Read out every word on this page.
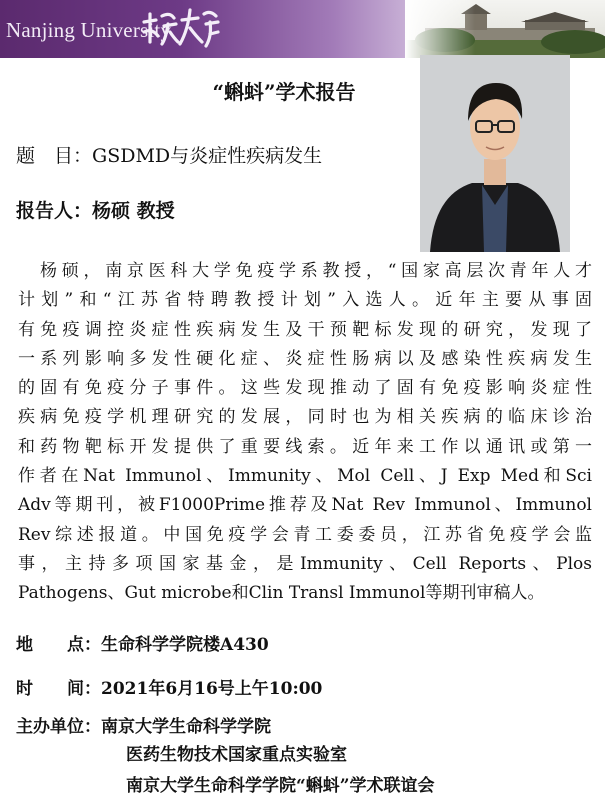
Nanjing University
“蝌蚪”学术报告
题　目：GSDMD与炎症性疾病发生
报告人：杨硕 教授
杨硕，南京医科大学免疫学系教授，“国家高层次青年人才
计划”和“江苏省特聘教授计划”入选人。近年主要从事固
有免疫调控炎症性疾病发生及干预靶标发现的研究，发现了
一系列影响多发性硬化症、炎症性肠病以及感染性疾病发生
的固有免疫分子事件。这些发现推动了固有免疫影响炎症性
疾病免疫学机理研究的发展，同时也为相关疾病的临床诊治
和药物靶标开发提供了重要线索。近年来工作以通讯或第一
作者在Nat Immunol、Immunity、Mol Cell、J Exp Med和Sci
Adv等期刊，被F1000Prime推荐及Nat Rev Immunol、Immunol
Rev综述报道。中国免疫学会青工委委员，江苏省免疫学会监
事，主持多项国家基金，是Immunity、Cell Reports、Plos
Pathogens、Gut microbe和Clin Transl Immunol等期刊审稿人。
地　　点：生命科学学院楼A430
时　　间：2021年6月16号上午10:00
主办单位：南京大学生命科学学院
医药生物技术国家重点实验室
南京大学生命科学学院“蝌蚪”学术联谊会
